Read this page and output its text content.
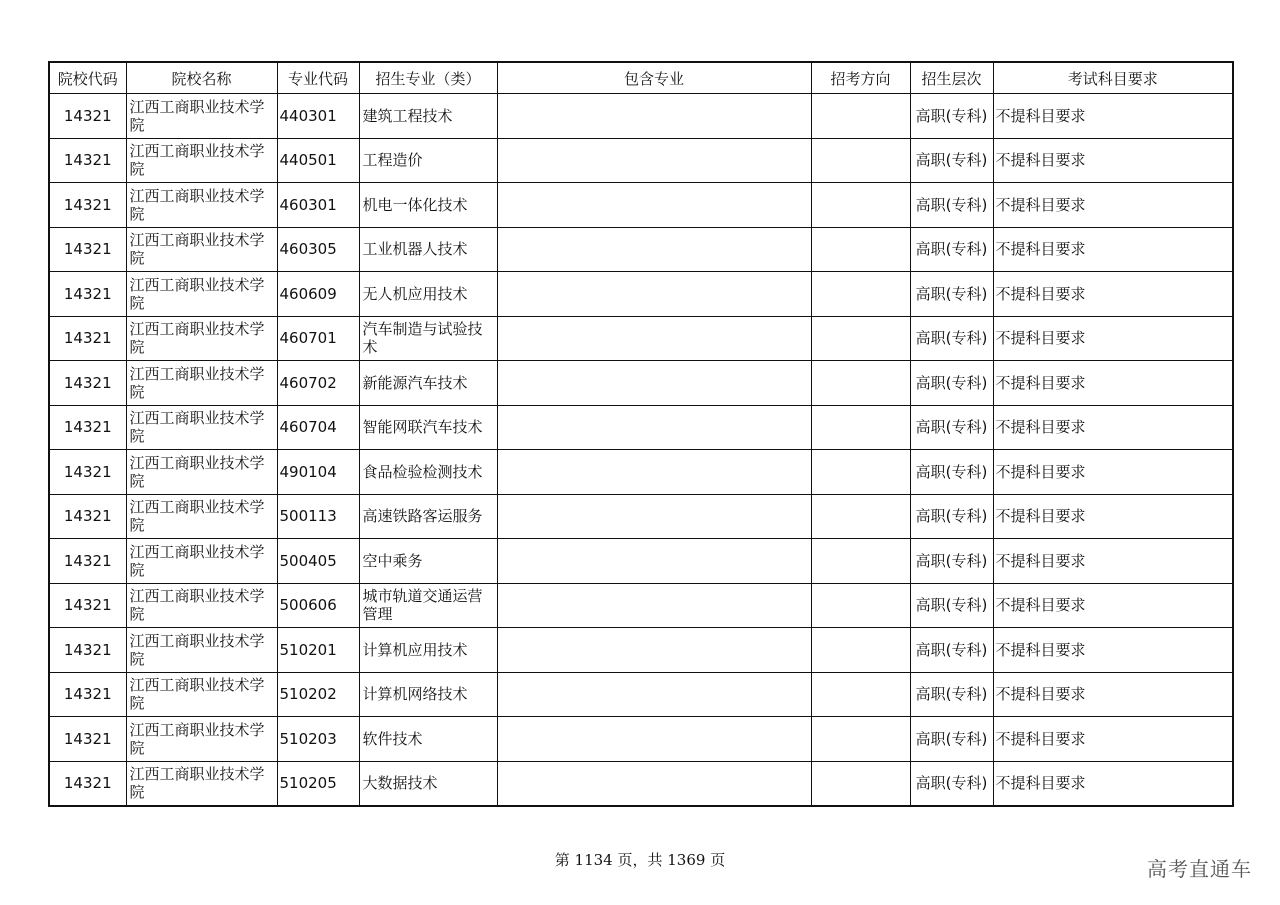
院校代码	院校名称	专业代码	招生专业（类）	包含专业	招考方向	招生层次	考试科目要求
14321	江西工商职业技术学院	440301	建筑工程技术			高职(专科)	不提科目要求
14321	江西工商职业技术学院	440501	工程造价			高职(专科)	不提科目要求
14321	江西工商职业技术学院	460301	机电一体化技术			高职(专科)	不提科目要求
14321	江西工商职业技术学院	460305	工业机器人技术			高职(专科)	不提科目要求
14321	江西工商职业技术学院	460609	无人机应用技术			高职(专科)	不提科目要求
14321	江西工商职业技术学院	460701	汽车制造与试验技术			高职(专科)	不提科目要求
14321	江西工商职业技术学院	460702	新能源汽车技术			高职(专科)	不提科目要求
14321	江西工商职业技术学院	460704	智能网联汽车技术			高职(专科)	不提科目要求
14321	江西工商职业技术学院	490104	食品检验检测技术			高职(专科)	不提科目要求
14321	江西工商职业技术学院	500113	高速铁路客运服务			高职(专科)	不提科目要求
14321	江西工商职业技术学院	500405	空中乘务			高职(专科)	不提科目要求
14321	江西工商职业技术学院	500606	城市轨道交通运营管理			高职(专科)	不提科目要求
14321	江西工商职业技术学院	510201	计算机应用技术			高职(专科)	不提科目要求
14321	江西工商职业技术学院	510202	计算机网络技术			高职(专科)	不提科目要求
14321	江西工商职业技术学院	510203	软件技术			高职(专科)	不提科目要求
14321	江西工商职业技术学院	510205	大数据技术			高职(专科)	不提科目要求
第 1134 页，共 1369 页	高考直通车
